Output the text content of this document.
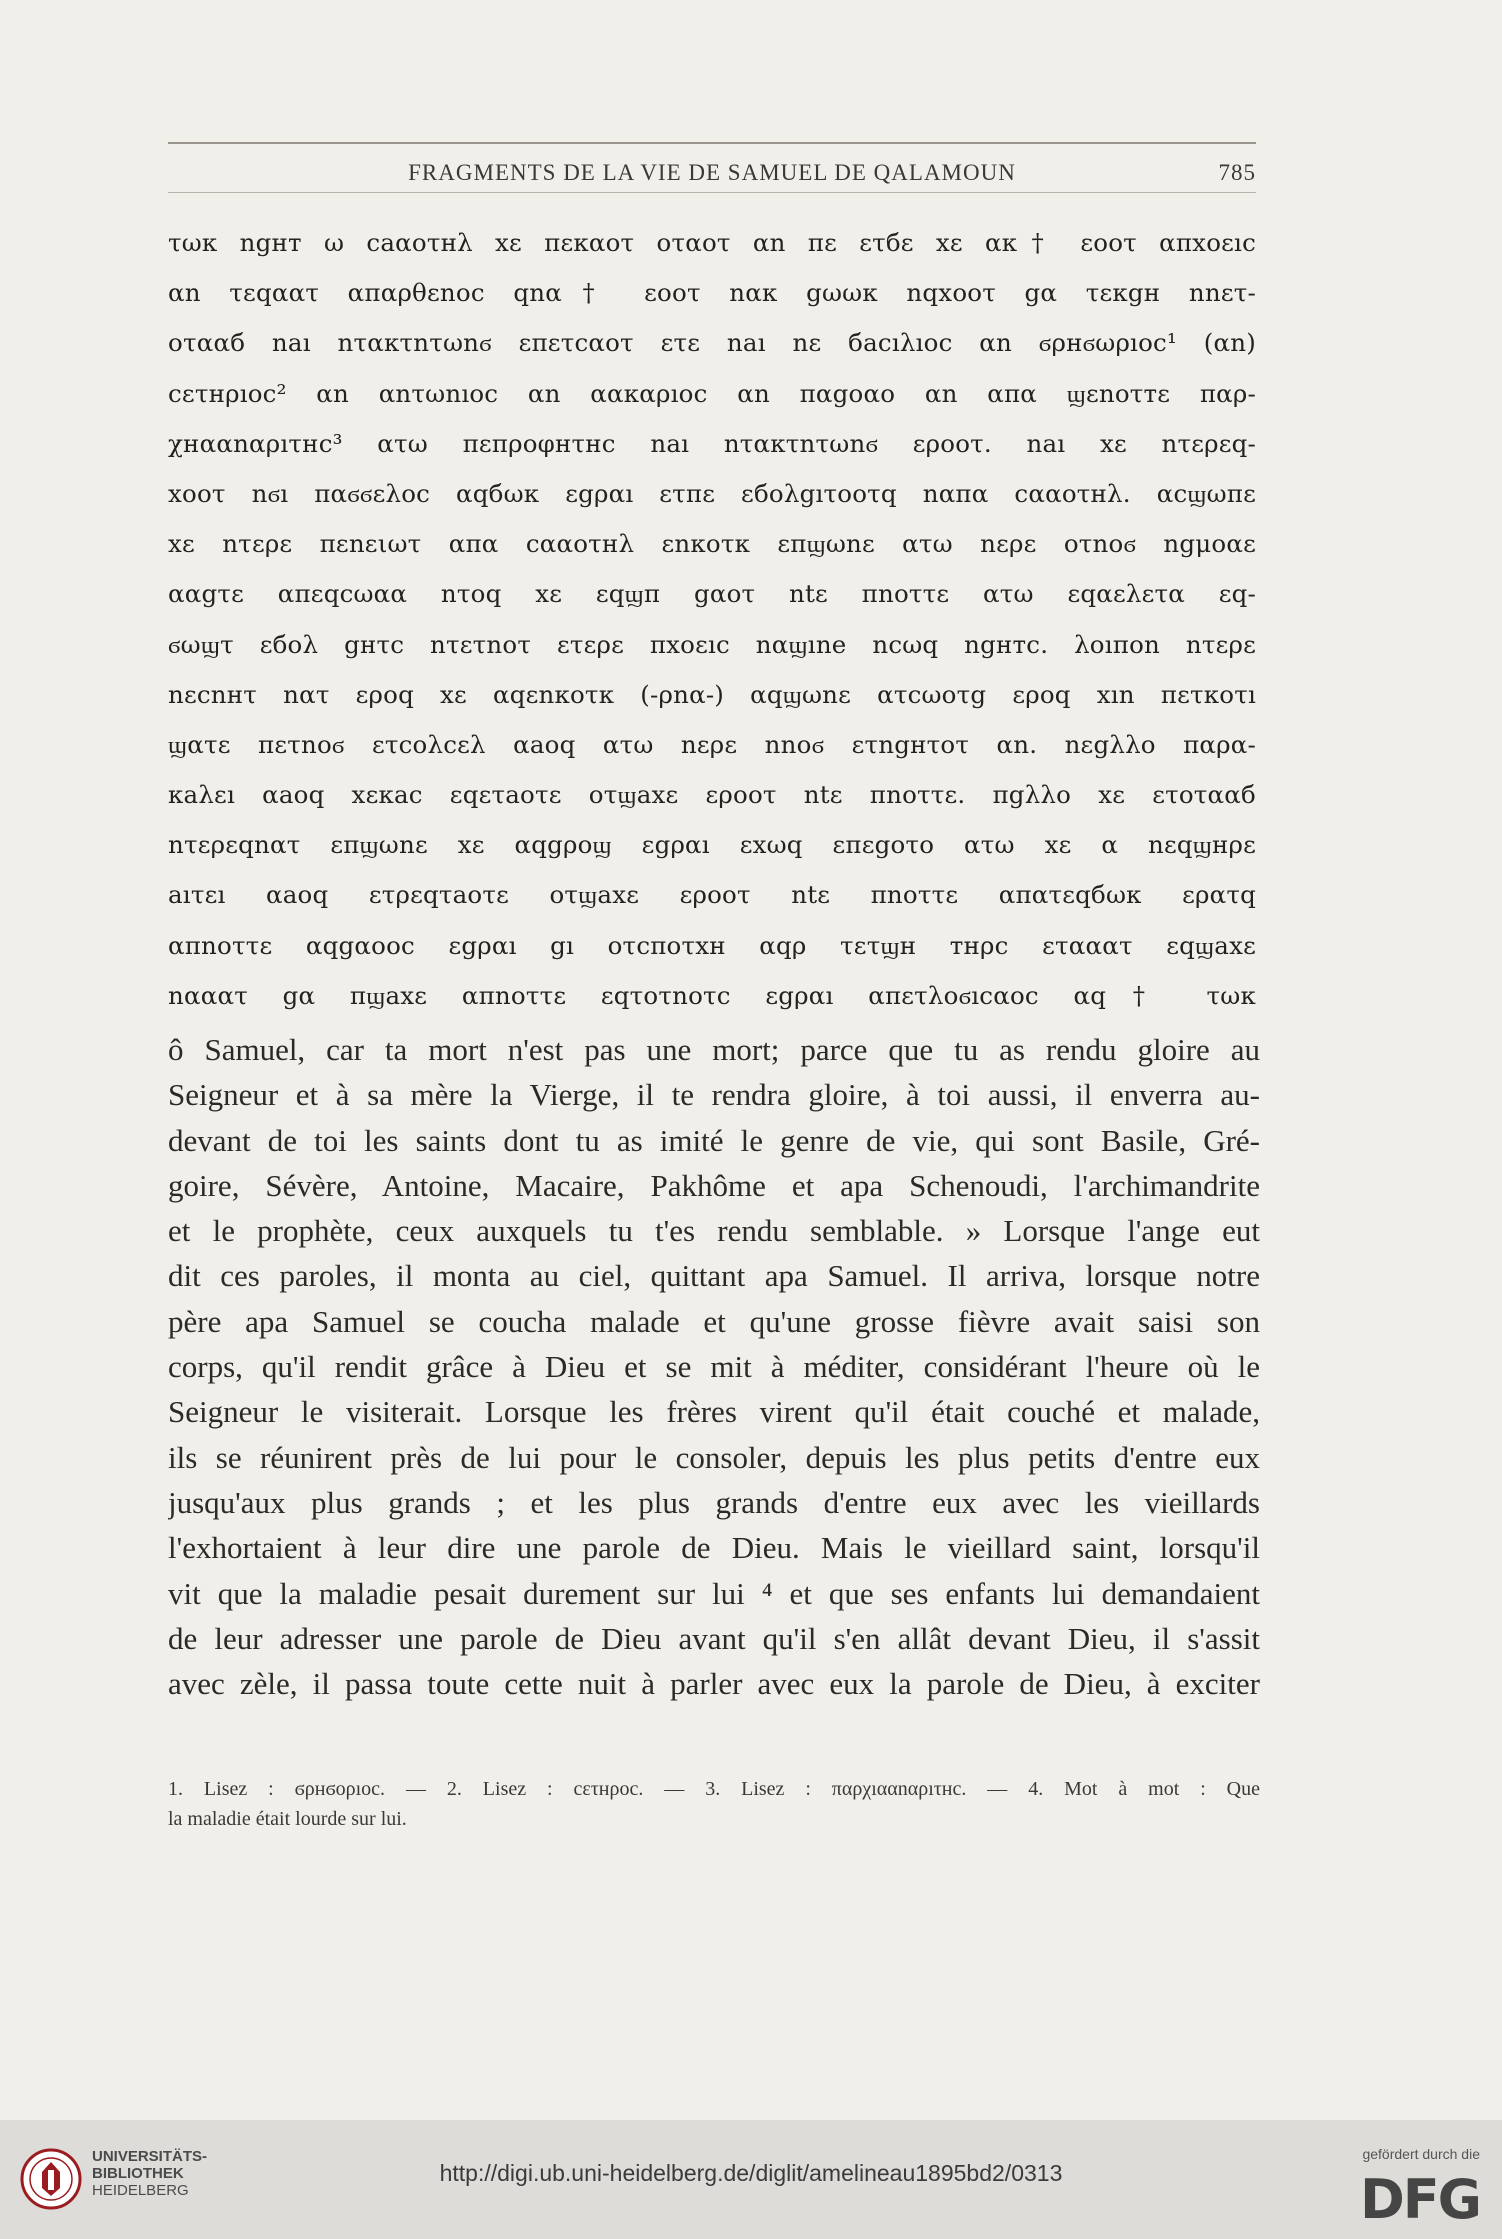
FRAGMENTS DE LA VIE DE SAMUEL DE QALAMOUN	785
τωκ ngнт ω caαοτнλ xε πεκαοτ οταοτ αn πε ετбε xε αк† εοοτ απxοεıc
αn τεqαατ απαρθεnοc qnα† εοοτ nακ gωωκ nqxοοτ gα τεκgн nnετ-
οτααб naı nτακτnτωnϭ επετcαοτ ετε naı nε бacıλıoc αn ϭρнϭωρıoc¹ (αn)
cετнρıoc² αn αnτωnıoc αn ααкαρıoc αn παgοαo αn απα ϣεnοτтε παρ-
χнααnαρıτнc³ ατω πεπροφнτнc naı nτακτnτωnϭ εροοτ. naı xε nτερεq-
xοοτ nϭı παϭϭελoc αqбωκ εgραı ετπε εбολgıτοοτq nαπα cααοτнλ. αcϣωπε
xε nτερε πεnειωτ απα cααοτнλ εnκοτк επϣωnε ατω nερε οτnoϭ ngμοαε
ααgτε απεqcωαα nτοq xε εqϣπ gαοτ ntε πnοττε ατω εqαελετα εq-
ϭωϣτ εбολ gнτc nτετnοτ ετερε πxοεıc nαϣıne ncωq ngнтc. λοıπon nτερε
nεcnнτ nατ εροq xε αqεnκοτк (-ρnα-) αqϣωnε ατcωοτg εροq xın πετκοτı
ϣατε πετnoϭ ετcολcελ αaoq ατω nερε nnoϭ ετngнτοτ αn. nεgλλo παρα-
κaλεı αaoq xεκac εqετaοτε οτϣaxε εροοτ ntε πnοττε. πgλλo xε ετοτααб
nτερεqnατ επϣωnε xε αqgροϣ εgραı εxωq επεgοτο ατω xε α nεqϣнρε
aıτεı αaoq ετρεqτaοτε οτϣaxε εροοτ ntε πnοττε απατεqбωκ ερατq
απnοττε αqgαοοc εgραı gı οτcποτxн αqρ τετϣн тнρc ετααατ εqϣaxε
nααατ gα πϣaxε απnοττε εqτοτnοτc εgραı απετλοϭıcαοc αq† τωκ
ô Samuel, car ta mort n'est pas une mort; parce que tu as rendu gloire au
Seigneur et à sa mère la Vierge, il te rendra gloire, à toi aussi, il enverra au-
devant de toi les saints dont tu as imité le genre de vie, qui sont Basile, Gré-
goire, Sévère, Antoine, Macaire, Pakhôme et apa Schenoudi, l'archimandrite
et le prophète, ceux auxquels tu t'es rendu semblable. » Lorsque l'ange eut
dit ces paroles, il monta au ciel, quittant apa Samuel. Il arriva, lorsque notre
père apa Samuel se coucha malade et qu'une grosse fièvre avait saisi son
corps, qu'il rendit grâce à Dieu et se mit à méditer, considérant l'heure où le
Seigneur le visiterait. Lorsque les frères virent qu'il était couché et malade,
ils se réunirent près de lui pour le consoler, depuis les plus petits d'entre eux
jusqu'aux plus grands ; et les plus grands d'entre eux avec les vieillards
l'exhortaient à leur dire une parole de Dieu. Mais le vieillard saint, lorsqu'il
vit que la maladie pesait durement sur lui ⁴ et que ses enfants lui demandaient
de leur adresser une parole de Dieu avant qu'il s'en allât devant Dieu, il s'assit
avec zèle, il passa toute cette nuit à parler avec eux la parole de Dieu, à exciter
1. Lisez : ϭρнϭορıoc. — 2. Lisez : cετнρoc. — 3. Lisez : παρχıααnαρıτнc. — 4. Mot à mot : Que
la maladie était lourde sur lui.
UNIVERSITÄTS-
BIBLIOTHEK
HEIDELBERG
http://digi.ub.uni-heidelberg.de/diglit/amelineau1895bd2/0313
gefördert durch die
DFG
